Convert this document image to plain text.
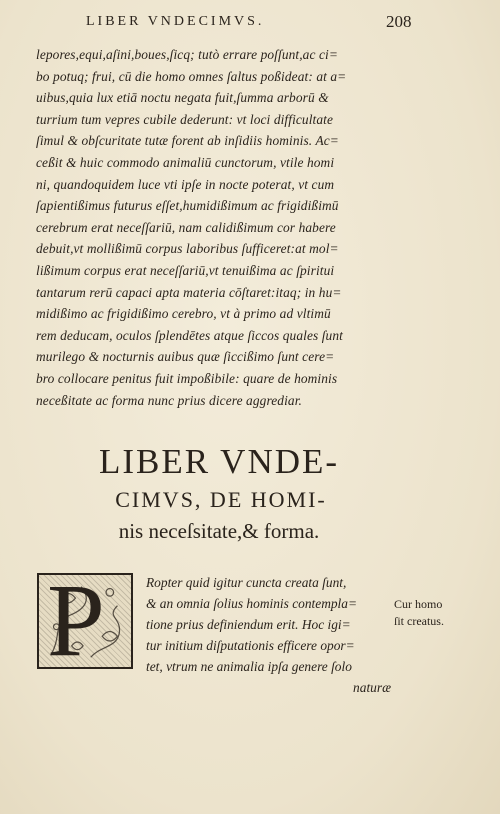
LIBER VNDECIMVS.	208

lepores,equi,aſini,boues,ſicq; tutò errare poſſunt,ac ci=
bo potuq; frui, cū die homo omnes ſaltus poßideat: at a=
uibus,quia lux etiā noctu negata fuit,ſumma arborū &
turrium tum vepres cubile dederunt: vt loci difficultate
ſimul & obſcuritate tutæ forent ab inſidiis hominis. Ac=
ceßit & huic commodo animaliū cunctorum, vtile homi
ni, quandoquidem luce vti ipſe in nocte poterat, vt cum
ſapientißimus futurus eſſet,humidißimum ac frigidißimū
cerebrum erat neceſſariū, nam calidißimum cor habere
debuit,vt mollißimū corpus laboribus ſufficeret:at mol=
lißimum corpus erat neceſſariū,vt tenuißima ac ſpiritui
tantarum rerū capaci apta materia cōſtaret:itaq; in hu=
midißimo ac frigidißimo cerebro, vt à primo ad vltimū
rem deducam, oculos ſplendētes atque ſiccos quales ſunt
murilego & nocturnis auibus quæ ſiccißimo ſunt cere=
bro collocare penitus fuit impoßibile: quare de hominis
neceßitate ac forma nunc prius dicere aggrediar.

LIBER VNDE-
CIMVS, DE HOMI-
nis neceſsitate,& forma.
P	Ropter quid igitur cuncta creata ſunt,
& an omnia ſolius hominis contempla=
tione prius definiendum erit. Hoc igi=
tur initium diſputationis efficere opor=
tet, vtrum ne animalia ipſa genere ſolo
naturæ

Cur homo
ſit creatus.
